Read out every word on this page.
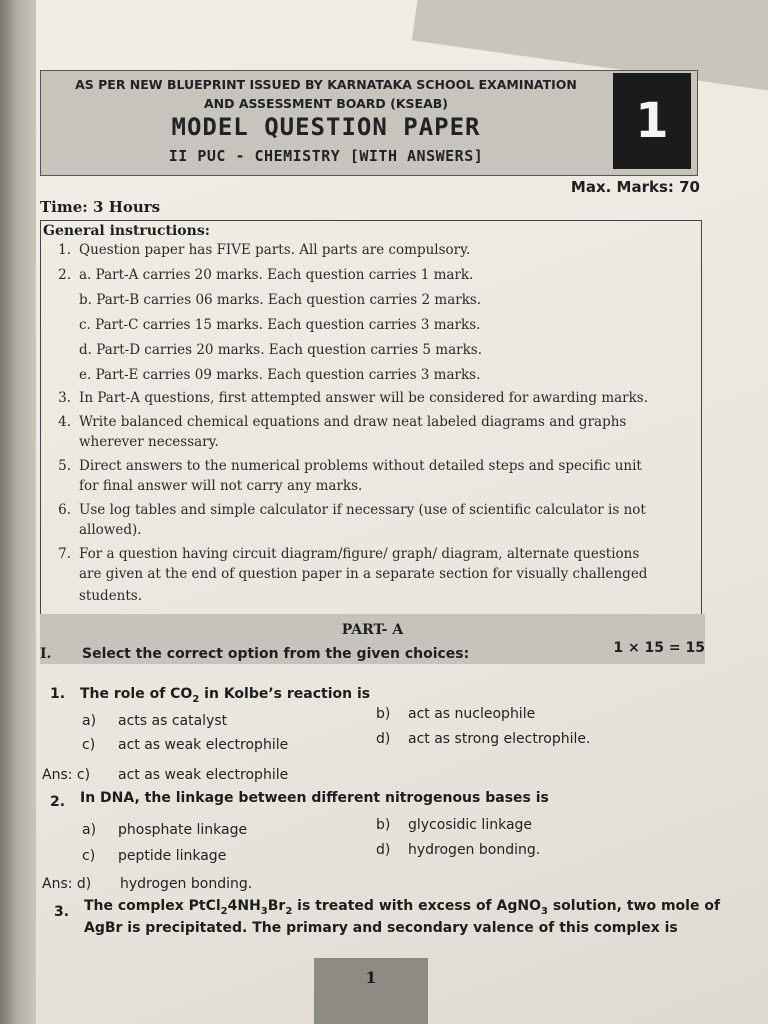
AS PER NEW BLUEPRINT ISSUED BY KARNATAKA SCHOOL EXAMINATION
AND ASSESSMENT BOARD (KSEAB)
MODEL QUESTION PAPER
II PUC - CHEMISTRY [WITH ANSWERS]
1
Time: 3 Hours
Max. Marks: 70
General instructions:
1. Question paper has FIVE parts. All parts are compulsory.
2. a. Part-A carries 20 marks. Each question carries 1 mark.
b. Part-B carries 06 marks. Each question carries 2 marks.
c. Part-C carries 15 marks. Each question carries 3 marks.
d. Part-D carries 20 marks. Each question carries 5 marks.
e. Part-E carries 09 marks. Each question carries 3 marks.
3. In Part-A questions, first attempted answer will be considered for awarding marks.
4. Write balanced chemical equations and draw neat labeled diagrams and graphs
wherever necessary.
5. Direct answers to the numerical problems without detailed steps and specific unit
for final answer will not carry any marks.
6. Use log tables and simple calculator if necessary (use of scientific calculator is not
allowed).
7. For a question having circuit diagram/figure/ graph/ diagram, alternate questions
are given at the end of question paper in a separate section for visually challenged
students.
PART- A
I. Select the correct option from the given choices:	1 × 15 = 15
1. The role of $CO_2$ in Kolbe’s reaction is
a) acts as catalyst	b) act as nucleophile
c) act as weak electrophile	d) act as strong electrophile.
Ans: c) act as weak electrophile
2. In DNA, the linkage between different nitrogenous bases is
a) phosphate linkage	b) glycosidic linkage
c) peptide linkage	d) hydrogen bonding.
Ans: d) hydrogen bonding.
3. The complex $PtCl_24NH_3Br_2$ is treated with excess of AgNO$_3$ solution, two mole of
AgBr is precipitated. The primary and secondary valence of this complex is
1
